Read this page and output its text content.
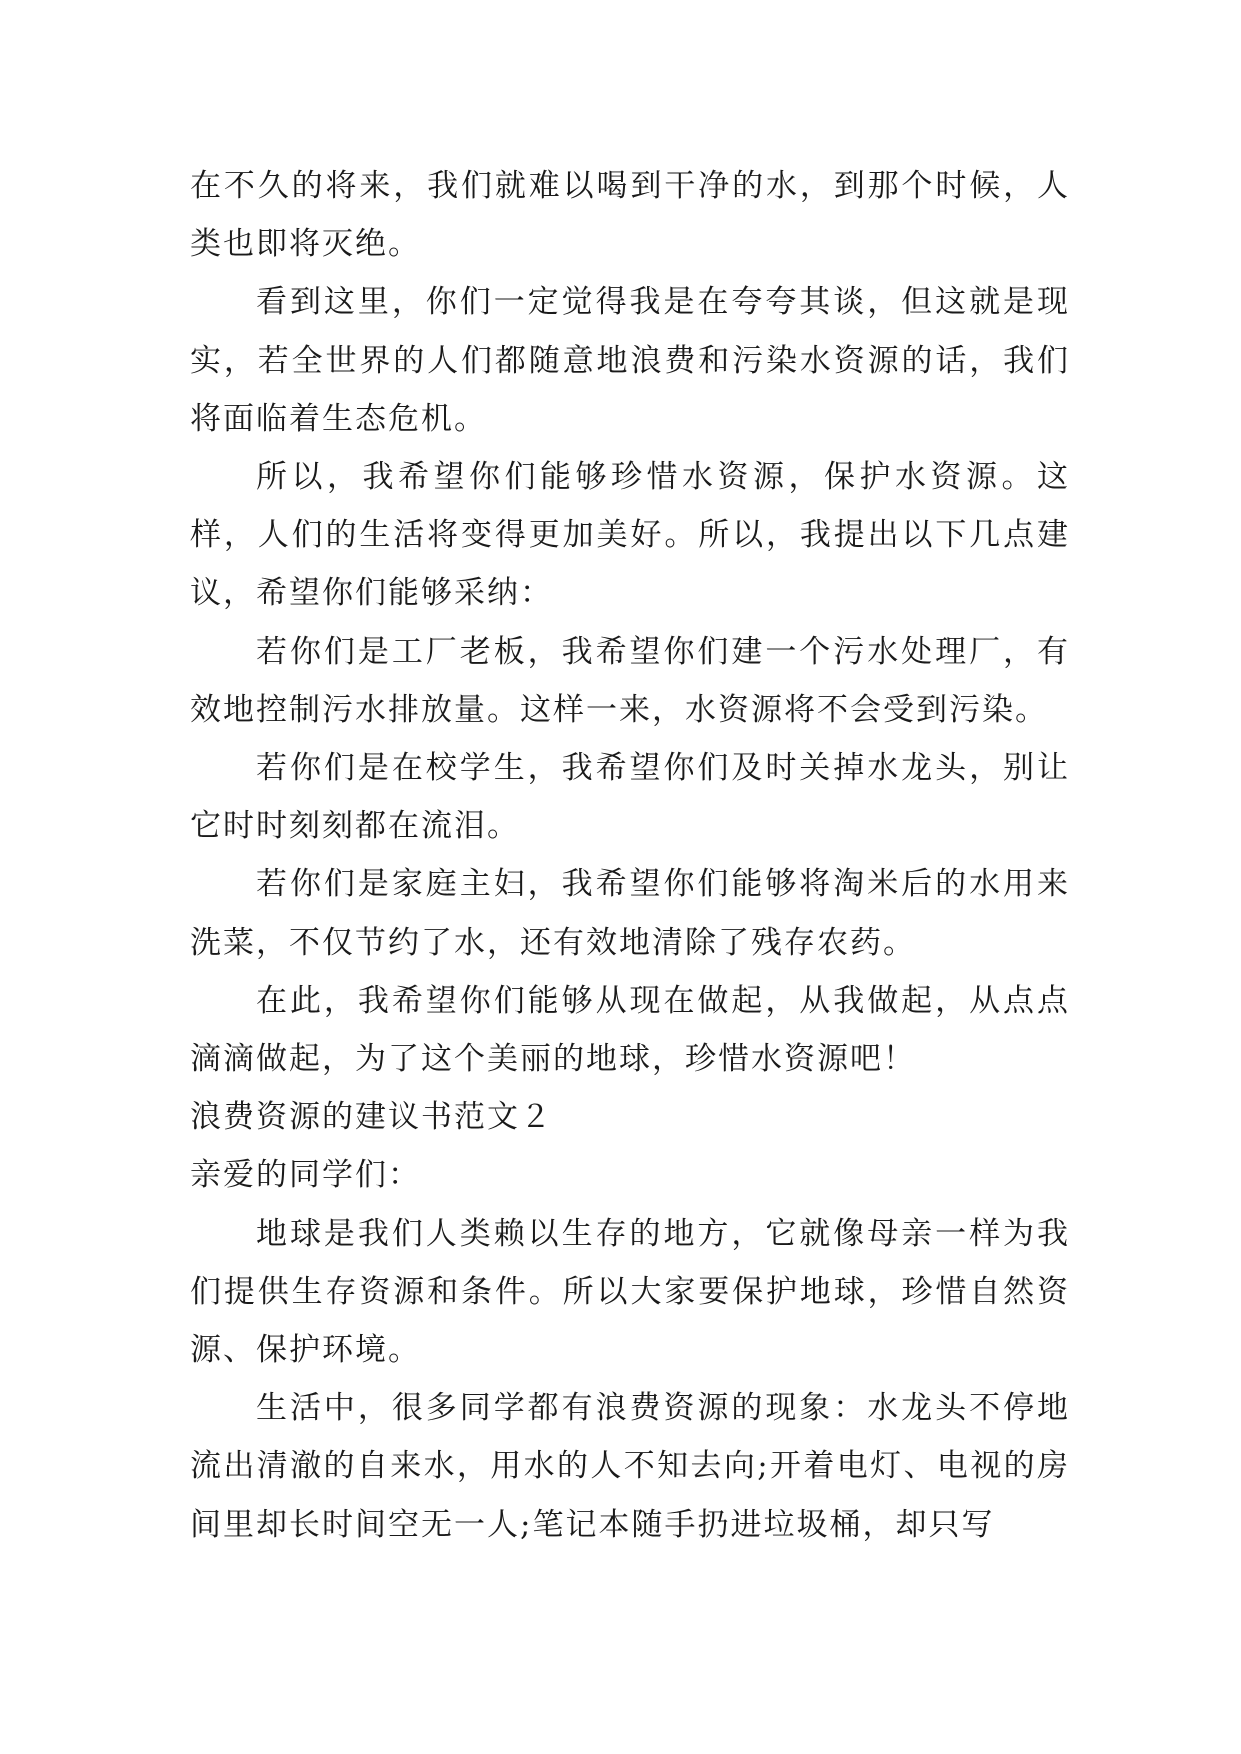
在不久的将来，我们就难以喝到干净的水，到那个时候，人类也即将灭绝。

看到这里，你们一定觉得我是在夸夸其谈，但这就是现实，若全世界的人们都随意地浪费和污染水资源的话，我们将面临着生态危机。

所以，我希望你们能够珍惜水资源，保护水资源。这样，人们的生活将变得更加美好。所以，我提出以下几点建议，希望你们能够采纳：

若你们是工厂老板，我希望你们建一个污水处理厂，有效地控制污水排放量。这样一来，水资源将不会受到污染。

若你们是在校学生，我希望你们及时关掉水龙头，别让它时时刻刻都在流泪。

若你们是家庭主妇，我希望你们能够将淘米后的水用来洗菜，不仅节约了水，还有效地清除了残存农药。

在此，我希望你们能够从现在做起，从我做起，从点点滴滴做起，为了这个美丽的地球，珍惜水资源吧！

浪费资源的建议书范文２

亲爱的同学们：

地球是我们人类赖以生存的地方，它就像母亲一样为我们提供生存资源和条件。所以大家要保护地球，珍惜自然资源、保护环境。

生活中，很多同学都有浪费资源的现象：水龙头不停地流出清澈的自来水，用水的人不知去向;开着电灯、电视的房间里却长时间空无一人;笔记本随手扔进垃圾桶，却只写
